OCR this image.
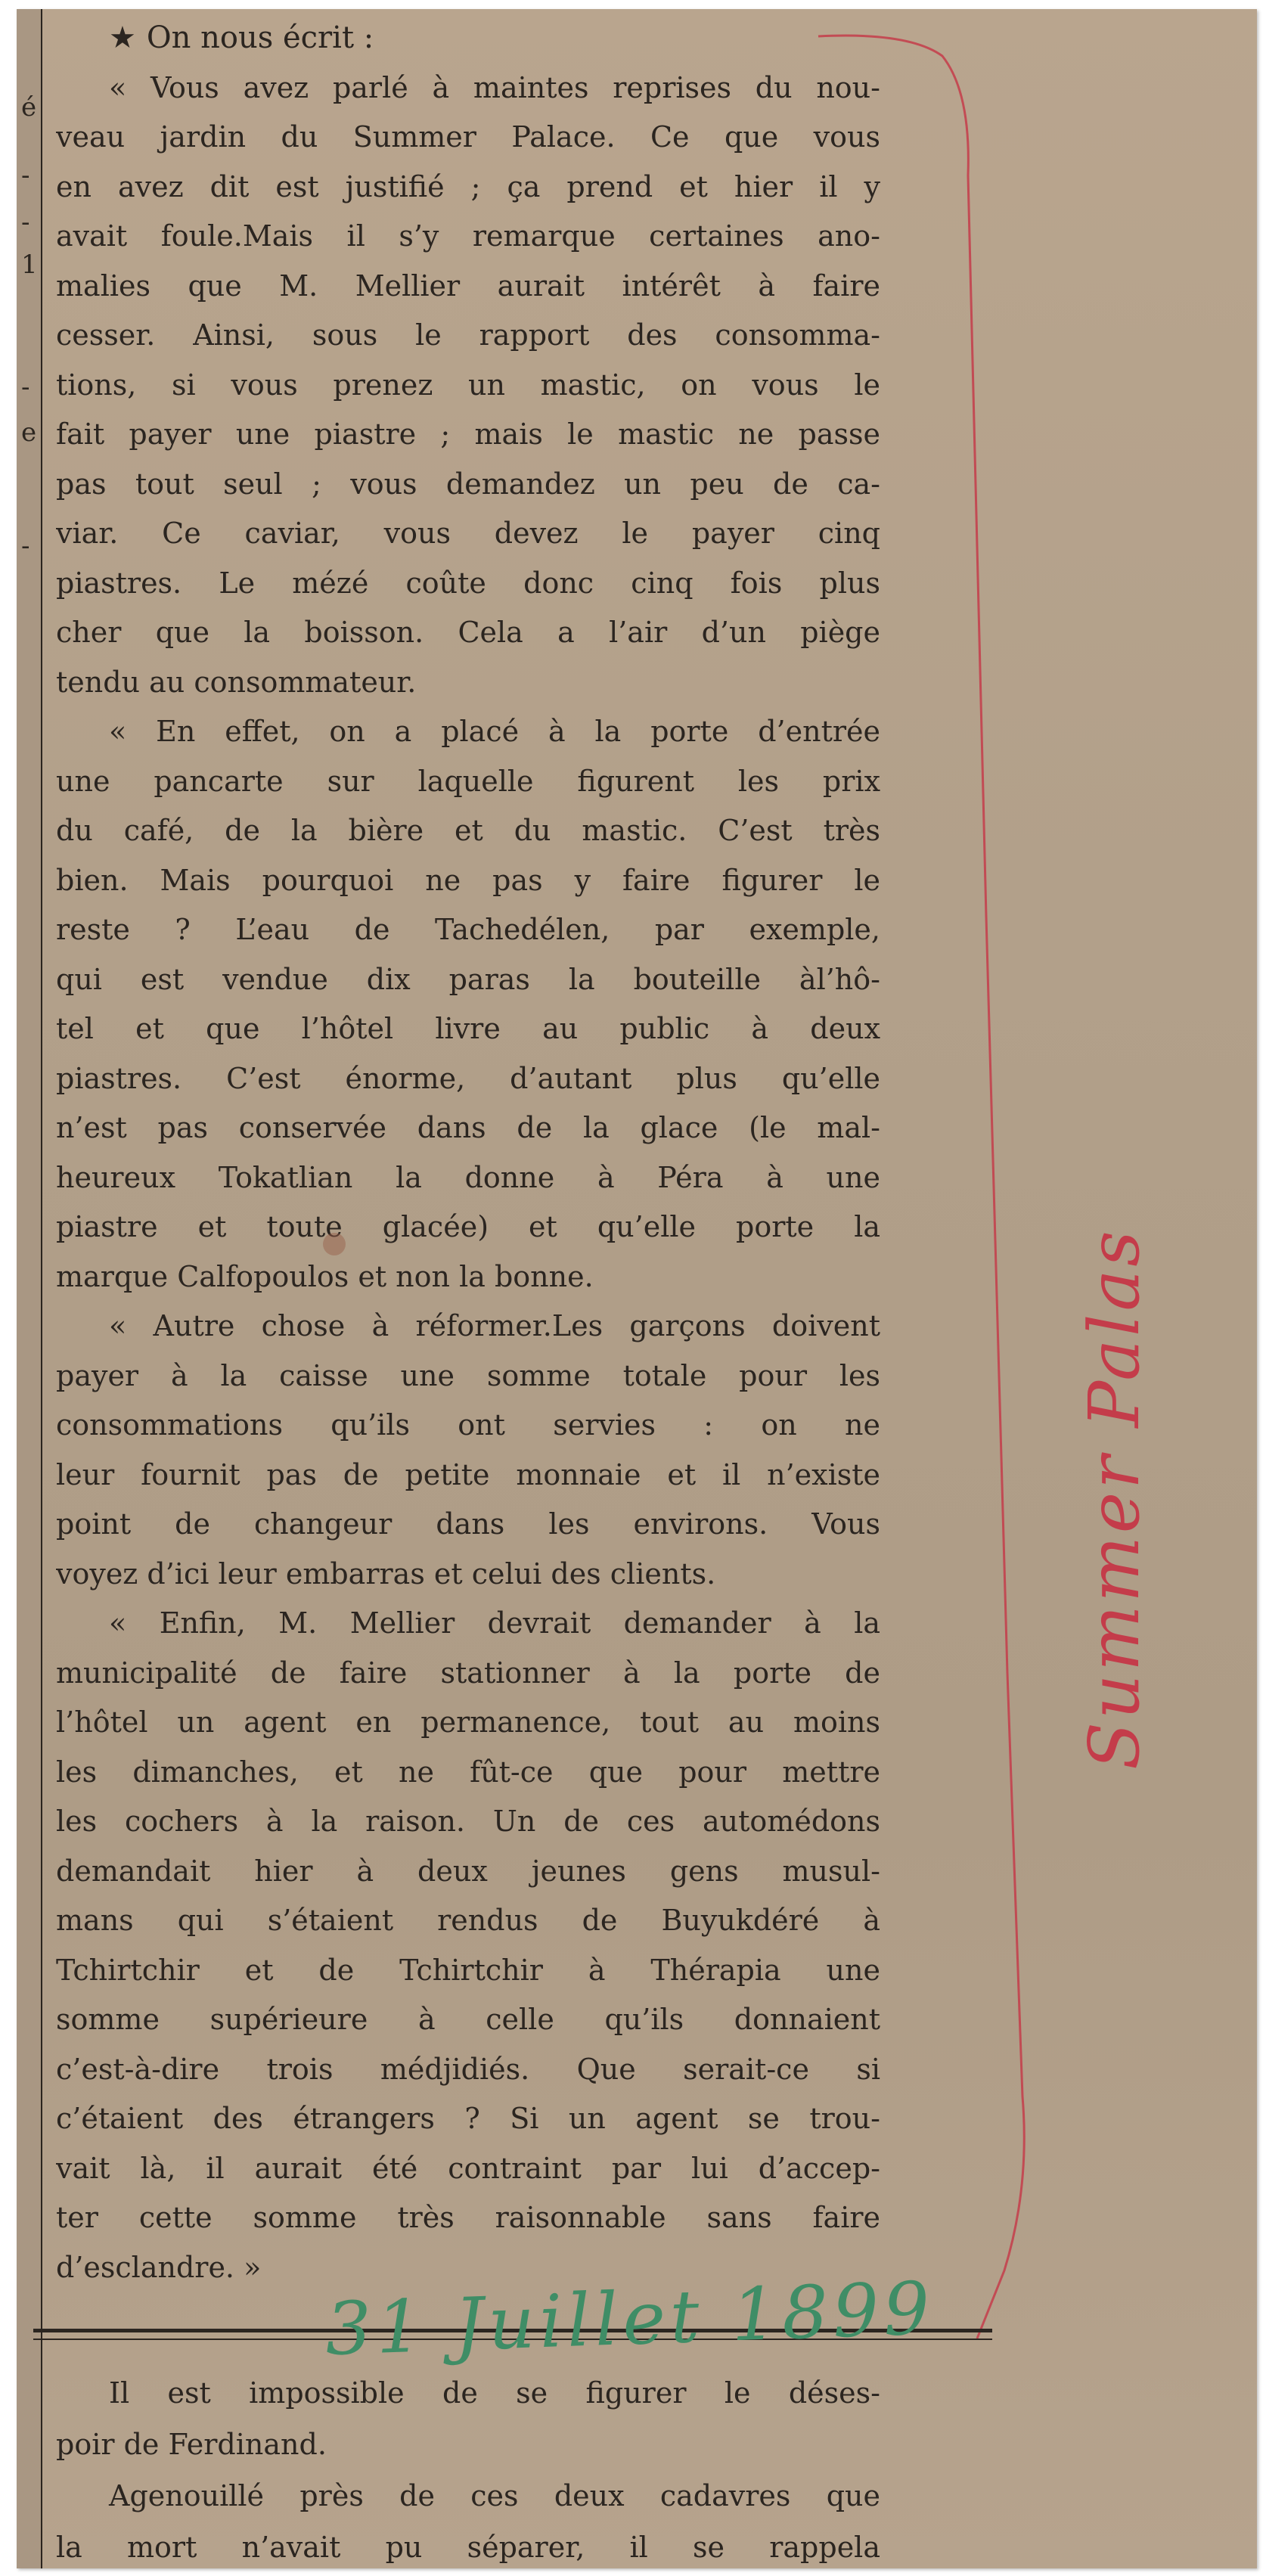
é
-
-
1
-
e
-
★ On nous écrit :
« Vous avez parlé à maintes reprises du nou-
veau jardin du Summer Palace. Ce que vous
en avez dit est justifié ; ça prend et hier il y
avait foule.Mais il s’y remarque certaines ano-
malies que M. Mellier aurait intérêt à faire
cesser. Ainsi, sous le rapport des consomma-
tions, si vous prenez un mastic, on vous le
fait payer une piastre ; mais le mastic ne passe
pas tout seul ; vous demandez un peu de ca-
viar. Ce caviar, vous devez le payer cinq
piastres. Le mézé coûte donc cinq fois plus
cher que la boisson. Cela a l’air d’un piège
tendu au consommateur.
« En effet, on a placé à la porte d’entrée
une pancarte sur laquelle figurent les prix
du café, de la bière et du mastic. C’est très
bien. Mais pourquoi ne pas y faire figurer le
reste ? L’eau de Tachedélen, par exemple,
qui est vendue dix paras la bouteille àl’hô-
tel et que l’hôtel livre au public à deux
piastres. C’est énorme, d’autant plus qu’elle
n’est pas conservée dans de la glace (le mal-
heureux Tokatlian la donne à Péra à une
piastre et toute glacée) et qu’elle porte la
marque Calfopoulos et non la bonne.
« Autre chose à réformer.Les garçons doivent
payer à la caisse une somme totale pour les
consommations qu’ils ont servies : on ne
leur fournit pas de petite monnaie et il n’existe
point de changeur dans les environs. Vous
voyez d’ici leur embarras et celui des clients.
« Enfin, M. Mellier devrait demander à la
municipalité de faire stationner à la porte de
l’hôtel un agent en permanence, tout au moins
les dimanches, et ne fût-ce que pour mettre
les cochers à la raison. Un de ces automédons
demandait hier à deux jeunes gens musul-
mans qui s’étaient rendus de Buyukdéré à
Tchirtchir et de Tchirtchir à Thérapia une
somme supérieure à celle qu’ils donnaient
c’est-à-dire trois médjidiés. Que serait-ce si
c’étaient des étrangers ? Si un agent se trou-
vait là, il aurait été contraint par lui d’accep-
ter cette somme très raisonnable sans faire
d’esclandre. »
Il est impossible de se figurer le déses-
poir de Ferdinand.
Agenouillé près de ces deux cadavres que
la mort n’avait pu séparer, il se rappela
Summer Palas
31 Juillet 1899
